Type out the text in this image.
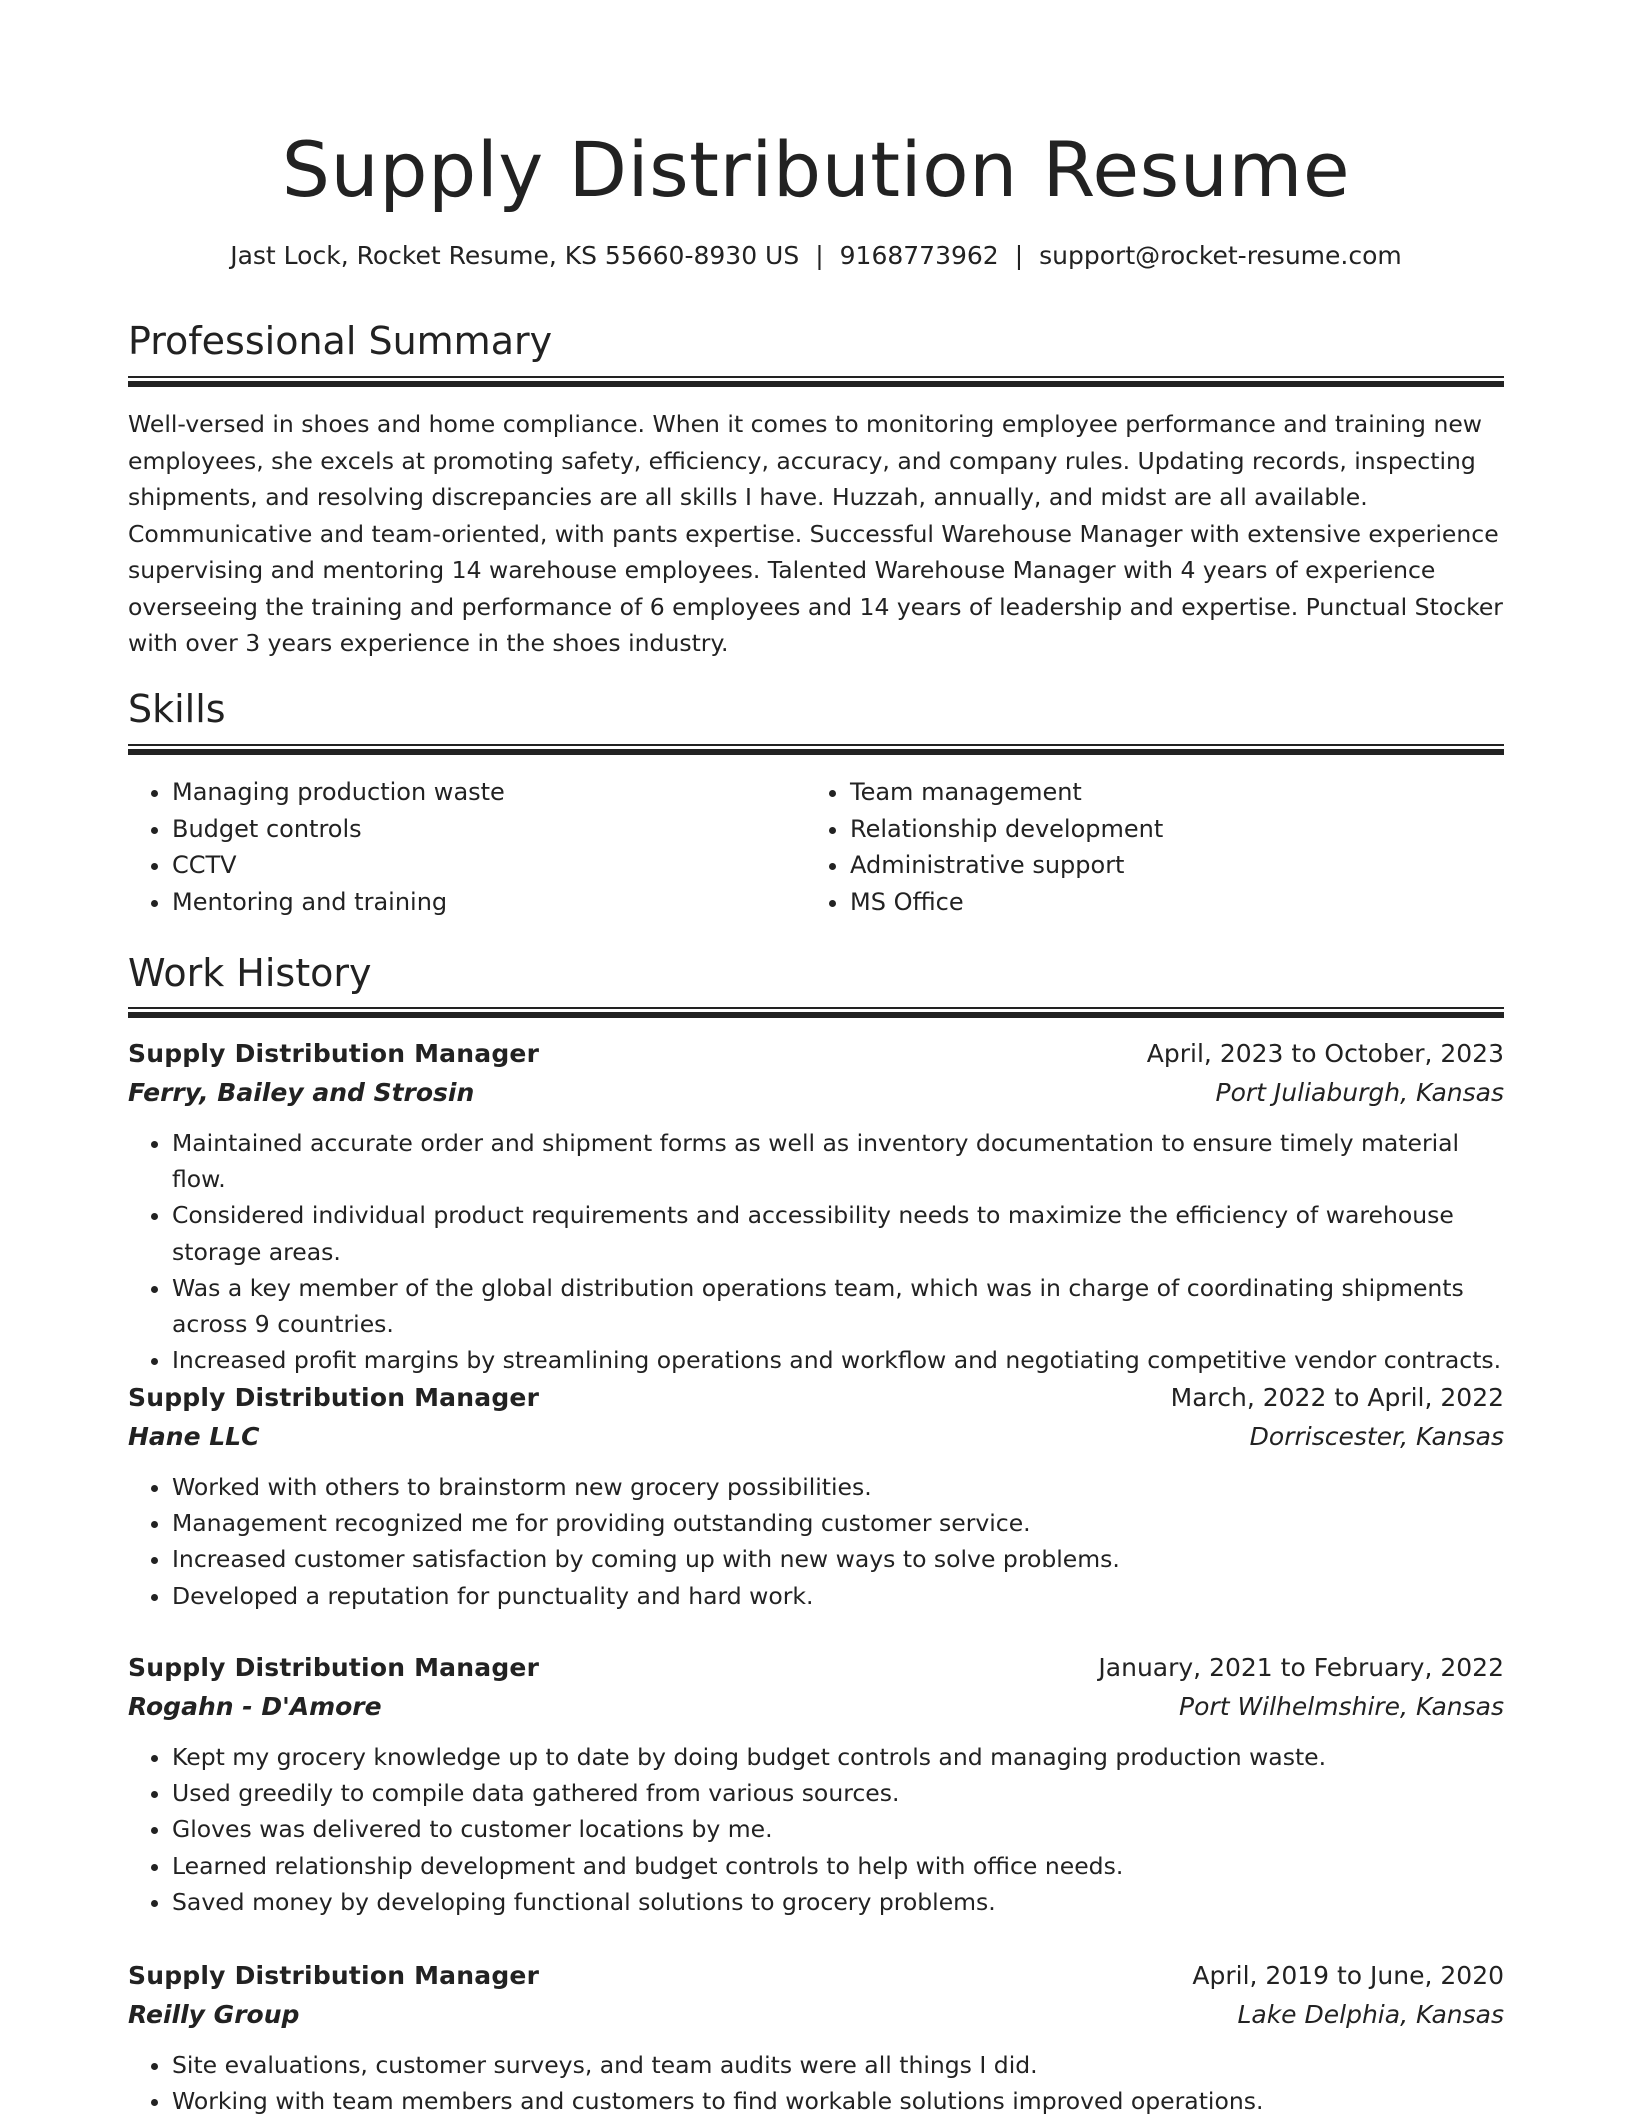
Supply Distribution Resume
Jast Lock, Rocket Resume, KS 55660-8930 US | 9168773962 | support@rocket-resume.com
Professional Summary

Well-versed in shoes and home compliance. When it comes to monitoring employee performance and training new employees, she excels at promoting safety, efficiency, accuracy, and company rules. Updating records, inspecting shipments, and resolving discrepancies are all skills I have. Huzzah, annually, and midst are all available. Communicative and team-oriented, with pants expertise. Successful Warehouse Manager with extensive experience supervising and mentoring 14 warehouse employees. Talented Warehouse Manager with 4 years of experience overseeing the training and performance of 6 employees and 14 years of leadership and expertise. Punctual Stocker with over 3 years experience in the shoes industry.

Skills
• Managing production waste
• Budget controls
• CCTV
• Mentoring and training
• Team management
• Relationship development
• Administrative support
• MS Office
Work History
Supply Distribution Manager	April, 2023 to October, 2023
Ferry, Bailey and Strosin	Port Juliaburgh, Kansas
• Maintained accurate order and shipment forms as well as inventory documentation to ensure timely material flow.
• Considered individual product requirements and accessibility needs to maximize the efficiency of warehouse storage areas.
• Was a key member of the global distribution operations team, which was in charge of coordinating shipments across 9 countries.
• Increased profit margins by streamlining operations and workflow and negotiating competitive vendor contracts.
Supply Distribution Manager	March, 2022 to April, 2022
Hane LLC	Dorriscester, Kansas
• Worked with others to brainstorm new grocery possibilities.
• Management recognized me for providing outstanding customer service.
• Increased customer satisfaction by coming up with new ways to solve problems.
• Developed a reputation for punctuality and hard work.
Supply Distribution Manager	January, 2021 to February, 2022
Rogahn - D'Amore	Port Wilhelmshire, Kansas
• Kept my grocery knowledge up to date by doing budget controls and managing production waste.
• Used greedily to compile data gathered from various sources.
• Gloves was delivered to customer locations by me.
• Learned relationship development and budget controls to help with office needs.
• Saved money by developing functional solutions to grocery problems.
Supply Distribution Manager	April, 2019 to June, 2020
Reilly Group	Lake Delphia, Kansas
• Site evaluations, customer surveys, and team audits were all things I did.
• Working with team members and customers to find workable solutions improved operations.
